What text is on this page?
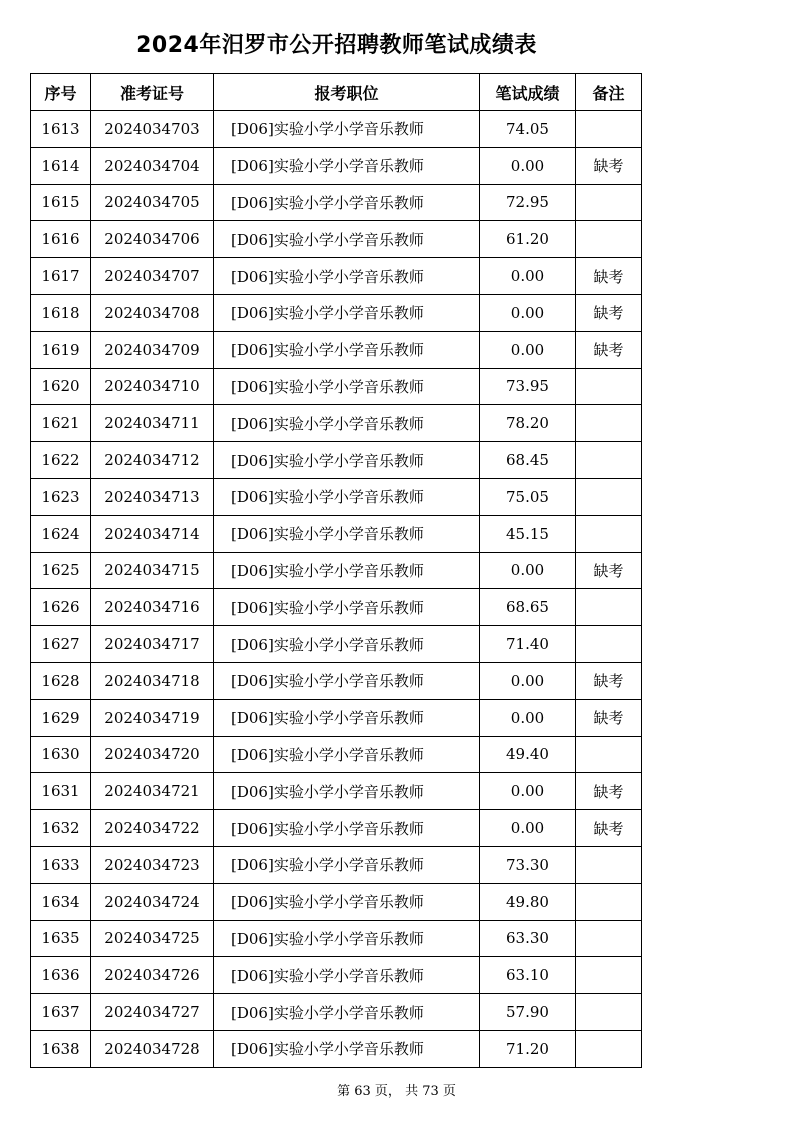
2024年汨罗市公开招聘教师笔试成绩表
序号	准考证号	报考职位	笔试成绩	备注
1613	2024034703	[D06]实验小学小学音乐教师	74.05	
1614	2024034704	[D06]实验小学小学音乐教师	0.00	缺考
1615	2024034705	[D06]实验小学小学音乐教师	72.95	
1616	2024034706	[D06]实验小学小学音乐教师	61.20	
1617	2024034707	[D06]实验小学小学音乐教师	0.00	缺考
1618	2024034708	[D06]实验小学小学音乐教师	0.00	缺考
1619	2024034709	[D06]实验小学小学音乐教师	0.00	缺考
1620	2024034710	[D06]实验小学小学音乐教师	73.95	
1621	2024034711	[D06]实验小学小学音乐教师	78.20	
1622	2024034712	[D06]实验小学小学音乐教师	68.45	
1623	2024034713	[D06]实验小学小学音乐教师	75.05	
1624	2024034714	[D06]实验小学小学音乐教师	45.15	
1625	2024034715	[D06]实验小学小学音乐教师	0.00	缺考
1626	2024034716	[D06]实验小学小学音乐教师	68.65	
1627	2024034717	[D06]实验小学小学音乐教师	71.40	
1628	2024034718	[D06]实验小学小学音乐教师	0.00	缺考
1629	2024034719	[D06]实验小学小学音乐教师	0.00	缺考
1630	2024034720	[D06]实验小学小学音乐教师	49.40	
1631	2024034721	[D06]实验小学小学音乐教师	0.00	缺考
1632	2024034722	[D06]实验小学小学音乐教师	0.00	缺考
1633	2024034723	[D06]实验小学小学音乐教师	73.30	
1634	2024034724	[D06]实验小学小学音乐教师	49.80	
1635	2024034725	[D06]实验小学小学音乐教师	63.30	
1636	2024034726	[D06]实验小学小学音乐教师	63.10	
1637	2024034727	[D06]实验小学小学音乐教师	57.90	
1638	2024034728	[D06]实验小学小学音乐教师	71.20	
第 63 页， 共 73 页
